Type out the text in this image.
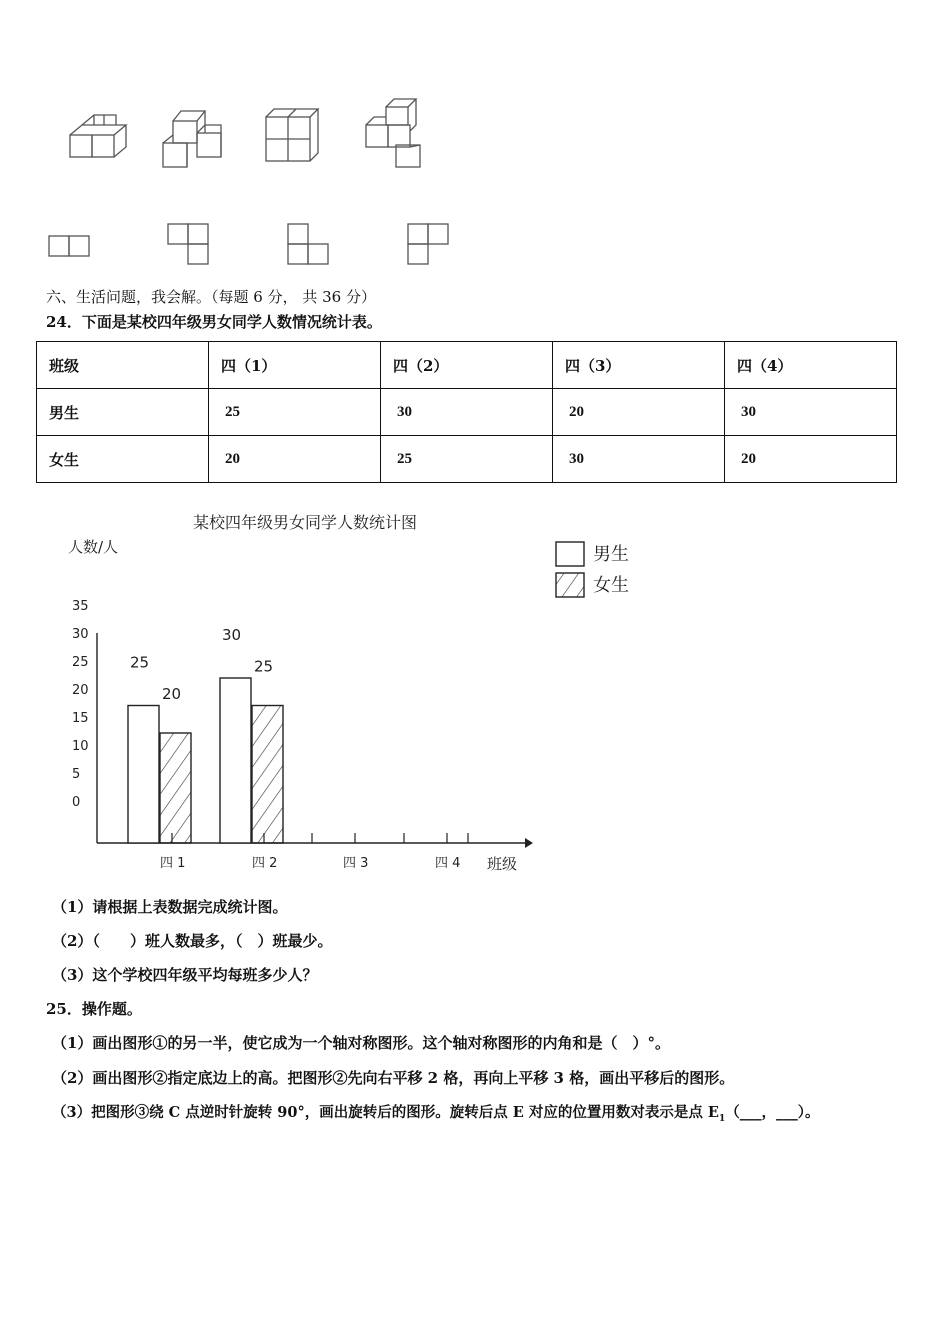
六、生活问题，我会解。（每题 6 分， 共 36 分）
24．下面是某校四年级男女同学人数情况统计表。
班级	四（1）	四（2）	四（3）	四（4）
男生	25	30	20	30
女生	20	25	30	20
某校四年级男女同学人数统计图
人数/人	男生
女生
35
30
25
20
15
10
5
0
25
30
20
25
四 1	四 2	四 3	四 4 班级
（1）请根据上表数据完成统计图。
（2）（　　）班人数最多，（　）班最少。
（3）这个学校四年级平均每班多少人？
25．操作题。
（1）画出图形①的另一半，使它成为一个轴对称图形。这个轴对称图形的内角和是（　）°。
（2）画出图形②指定底边上的高。把图形②先向右平移 2 格，再向上平移 3 格，画出平移后的图形。
（3）把图形③绕 C 点逆时针旋转 90°，画出旋转后的图形。旋转后点 E 对应的位置用数对表示是点 $E_1(\_\_\_$，___）。
